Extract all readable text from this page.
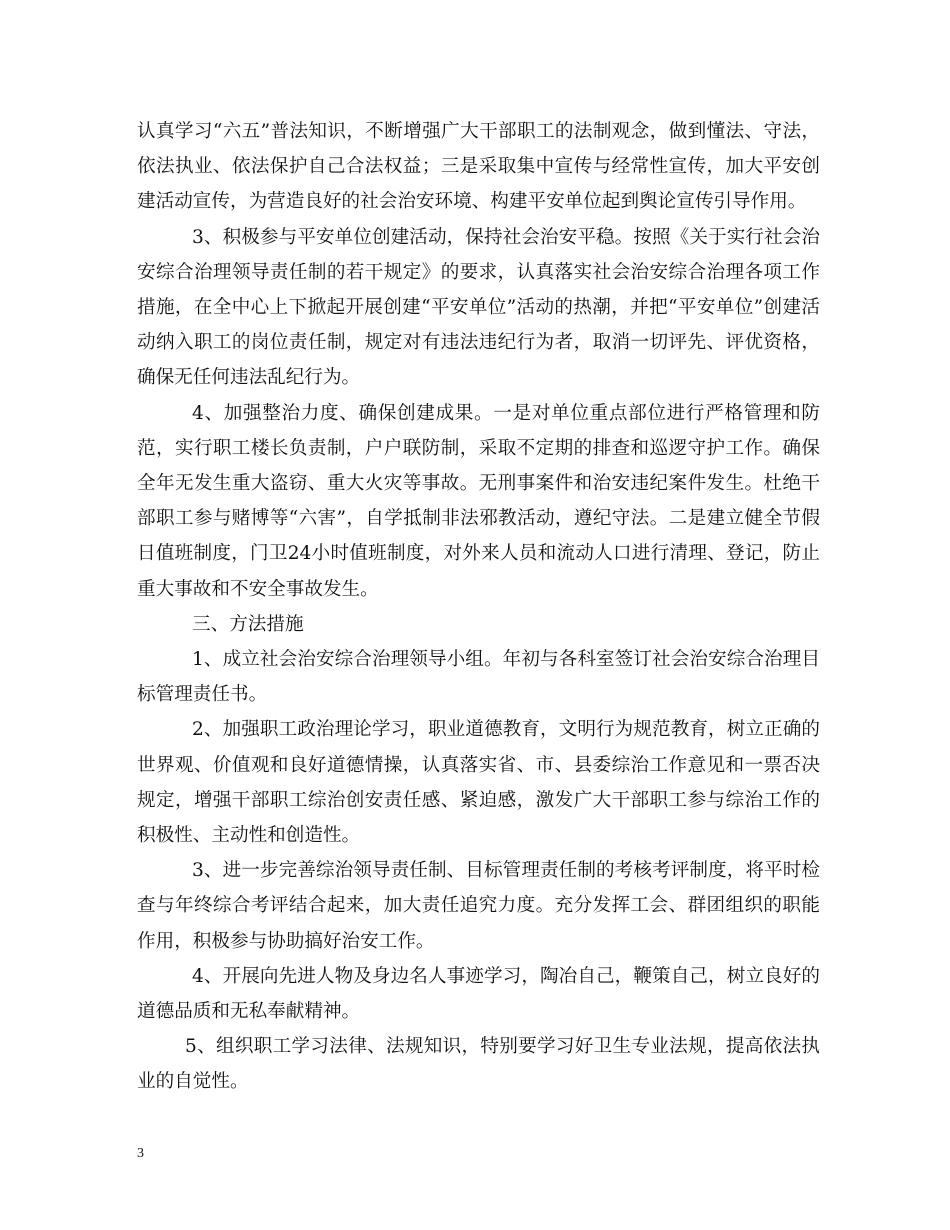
认真学习“六五”普法知识，不断增强广大干部职工的法制观念，做到懂法、守法，依法执业、依法保护自己合法权益；三是采取集中宣传与经常性宣传，加大平安创建活动宣传，为营造良好的社会治安环境、构建平安单位起到舆论宣传引导作用。

3、积极参与平安单位创建活动，保持社会治安平稳。按照《关于实行社会治安综合治理领导责任制的若干规定》的要求，认真落实社会治安综合治理各项工作措施，在全中心上下掀起开展创建“平安单位”活动的热潮，并把“平安单位”创建活动纳入职工的岗位责任制，规定对有违法违纪行为者，取消一切评先、评优资格，确保无任何违法乱纪行为。

4、加强整治力度、确保创建成果。一是对单位重点部位进行严格管理和防范，实行职工楼长负责制，户户联防制，采取不定期的排查和巡逻守护工作。确保全年无发生重大盗窃、重大火灾等事故。无刑事案件和治安违纪案件发生。杜绝干部职工参与赌博等“六害”，自学抵制非法邪教活动，遵纪守法。二是建立健全节假日值班制度，门卫24小时值班制度，对外来人员和流动人口进行清理、登记，防止重大事故和不安全事故发生。

三、方法措施

1、成立社会治安综合治理领导小组。年初与各科室签订社会治安综合治理目标管理责任书。

2、加强职工政治理论学习，职业道德教育，文明行为规范教育，树立正确的世界观、价值观和良好道德情操，认真落实省、市、县委综治工作意见和一票否决规定，增强干部职工综治创安责任感、紧迫感，激发广大干部职工参与综治工作的积极性、主动性和创造性。

3、进一步完善综治领导责任制、目标管理责任制的考核考评制度，将平时检查与年终综合考评结合起来，加大责任追究力度。充分发挥工会、群团组织的职能作用，积极参与协助搞好治安工作。

4、开展向先进人物及身边名人事迹学习，陶冶自己，鞭策自己，树立良好的道德品质和无私奉献精神。

5、组织职工学习法律、法规知识，特别要学习好卫生专业法规，提高依法执业的自觉性。

3
